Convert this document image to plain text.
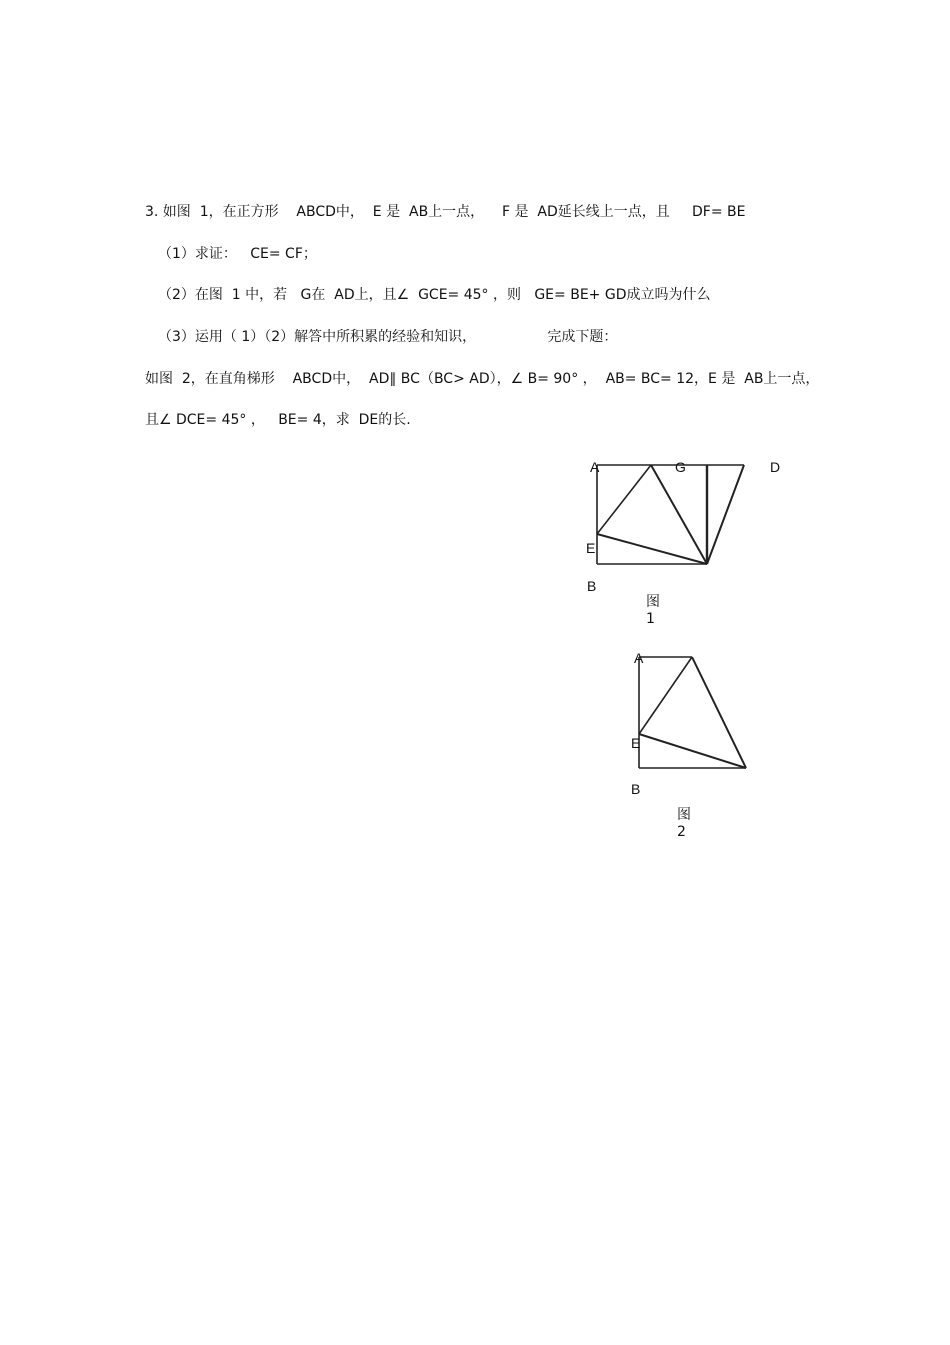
3. 如图  1，在正方形    ABCD中，  E 是  AB上一点，    F 是  AD延长线上一点，且     DF= BE
（1）求证：   CE= CF；
（2）在图  1 中，若   G在  AD上，且∠  GCE= 45° ，则   GE= BE+ GD成立吗为什么
（3）运用（ 1）（2）解答中所积累的经验和知识，                完成下题：
如图  2，在直角梯形    ABCD中，  AD∥ BC（BC> AD），∠ B= 90° ，  AB= BC= 12，E 是  AB上一点，
且∠ DCE= 45° ，   BE= 4，求  DE的长.
A	G	D
E
B
图 1
A
E
B
图 2
